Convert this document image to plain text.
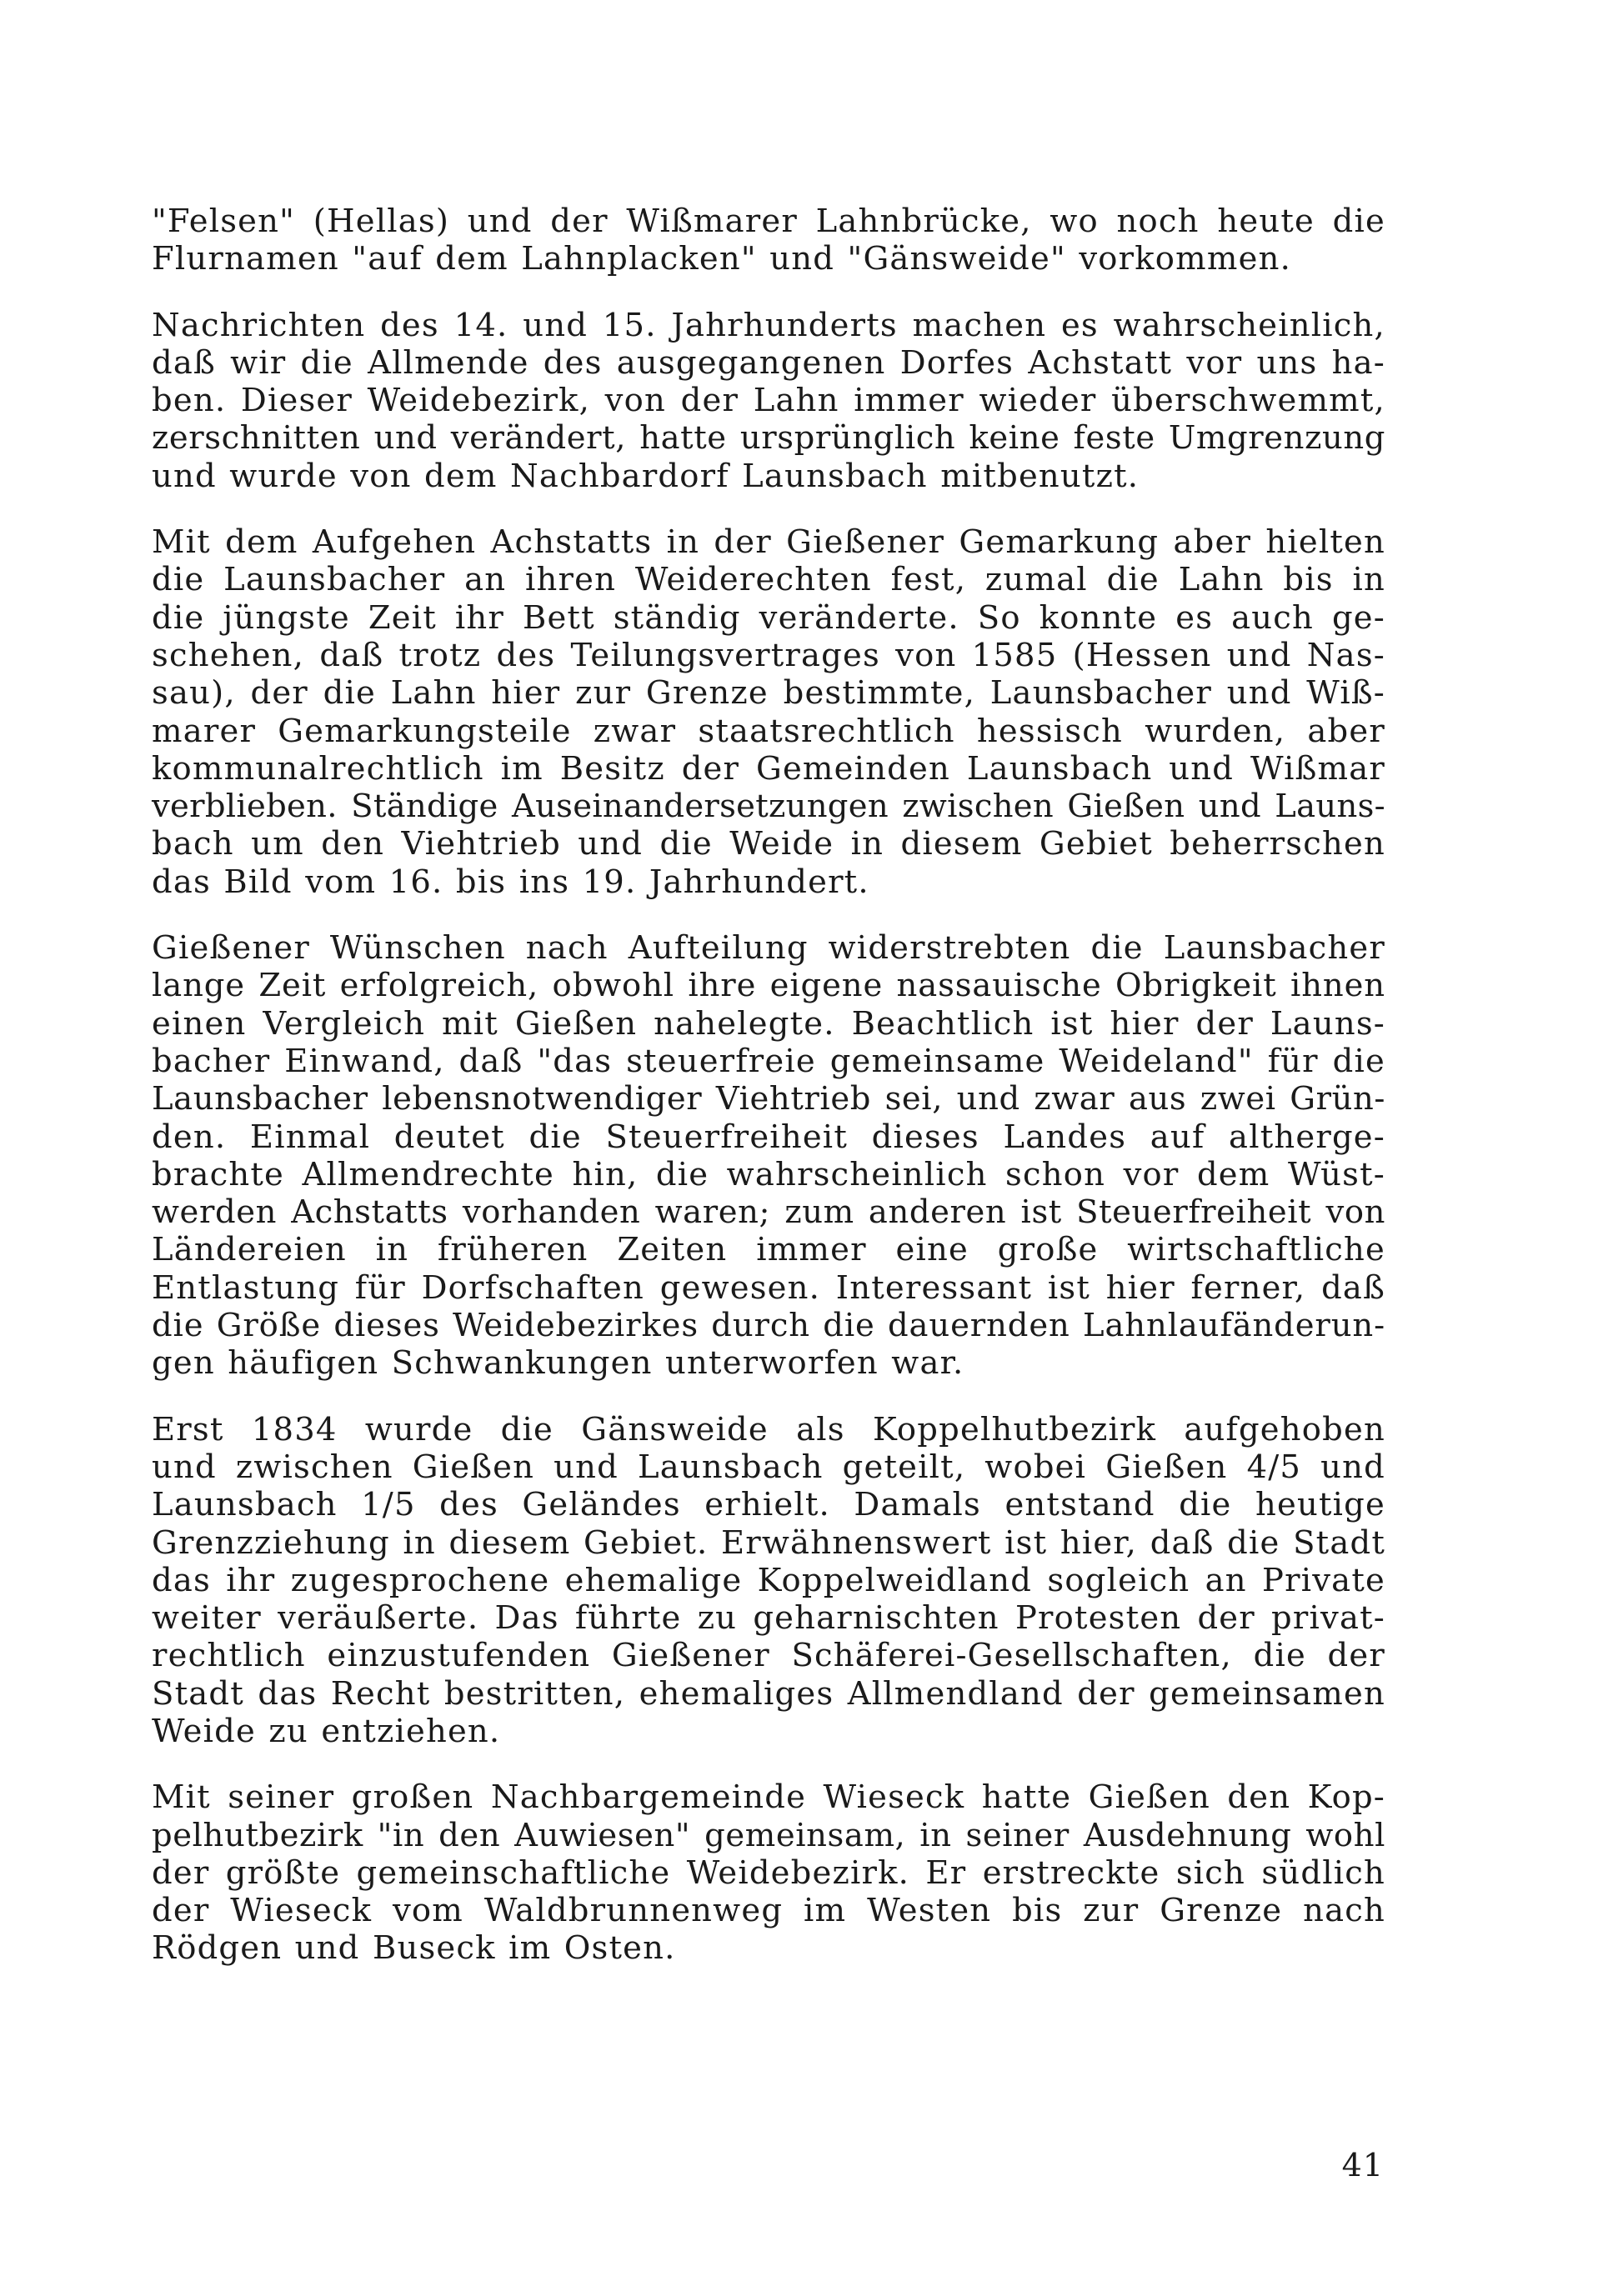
"Felsen" (Hellas) und der Wißmarer Lahnbrücke, wo noch heute die
Flurnamen "auf dem Lahnplacken" und "Gänsweide" vorkommen.

Nachrichten des 14. und 15. Jahrhunderts machen es wahrscheinlich,
daß wir die Allmende des ausgegangenen Dorfes Achstatt vor uns ha-
ben. Dieser Weidebezirk, von der Lahn immer wieder überschwemmt,
zerschnitten und verändert, hatte ursprünglich keine feste Umgrenzung
und wurde von dem Nachbardorf Launsbach mitbenutzt.

Mit dem Aufgehen Achstatts in der Gießener Gemarkung aber hielten
die Launsbacher an ihren Weiderechten fest, zumal die Lahn bis in
die jüngste Zeit ihr Bett ständig veränderte. So konnte es auch ge-
schehen, daß trotz des Teilungsvertrages von 1585 (Hessen und Nas-
sau), der die Lahn hier zur Grenze bestimmte, Launsbacher und Wiß-
marer Gemarkungsteile zwar staatsrechtlich hessisch wurden, aber
kommunalrechtlich im Besitz der Gemeinden Launsbach und Wißmar
verblieben. Ständige Auseinandersetzungen zwischen Gießen und Launs-
bach um den Viehtrieb und die Weide in diesem Gebiet beherrschen
das Bild vom 16. bis ins 19. Jahrhundert.

Gießener Wünschen nach Aufteilung widerstrebten die Launsbacher
lange Zeit erfolgreich, obwohl ihre eigene nassauische Obrigkeit ihnen
einen Vergleich mit Gießen nahelegte. Beachtlich ist hier der Launs-
bacher Einwand, daß "das steuerfreie gemeinsame Weideland" für die
Launsbacher lebensnotwendiger Viehtrieb sei, und zwar aus zwei Grün-
den. Einmal deutet die Steuerfreiheit dieses Landes auf altherge-
brachte Allmendrechte hin, die wahrscheinlich schon vor dem Wüst-
werden Achstatts vorhanden waren; zum anderen ist Steuerfreiheit von
Ländereien in früheren Zeiten immer eine große wirtschaftliche
Entlastung für Dorfschaften gewesen. Interessant ist hier ferner, daß
die Größe dieses Weidebezirkes durch die dauernden Lahnlaufänderun-
gen häufigen Schwankungen unterworfen war.

Erst 1834 wurde die Gänsweide als Koppelhutbezirk aufgehoben
und zwischen Gießen und Launsbach geteilt, wobei Gießen 4/5 und
Launsbach 1/5 des Geländes erhielt. Damals entstand die heutige
Grenzziehung in diesem Gebiet. Erwähnenswert ist hier, daß die Stadt
das ihr zugesprochene ehemalige Koppelweidland sogleich an Private
weiter veräußerte. Das führte zu geharnischten Protesten der privat-
rechtlich einzustufenden Gießener Schäferei-Gesellschaften, die der
Stadt das Recht bestritten, ehemaliges Allmendland der gemeinsamen
Weide zu entziehen.

Mit seiner großen Nachbargemeinde Wieseck hatte Gießen den Kop-
pelhutbezirk "in den Auwiesen" gemeinsam, in seiner Ausdehnung wohl
der größte gemeinschaftliche Weidebezirk. Er erstreckte sich südlich
der Wieseck vom Waldbrunnenweg im Westen bis zur Grenze nach
Rödgen und Buseck im Osten.

41
